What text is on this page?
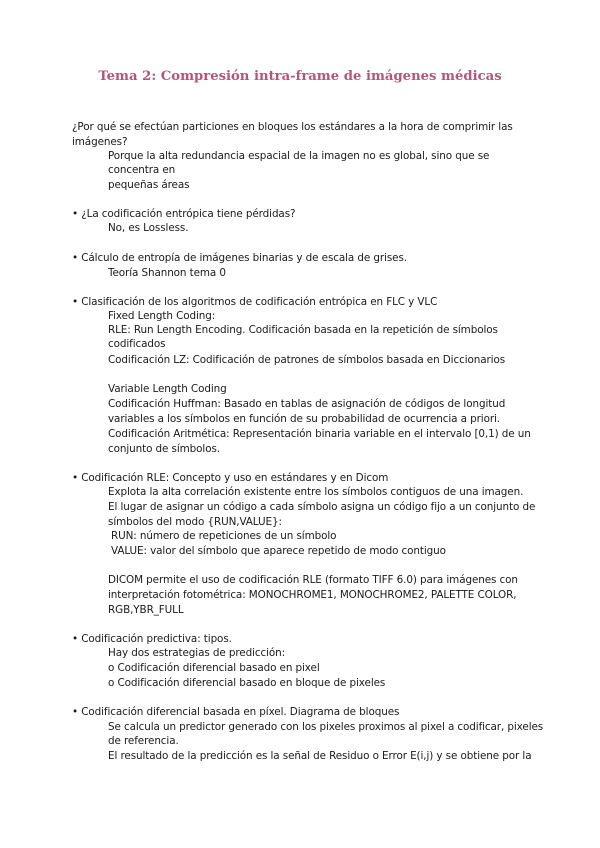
Tema 2: Compresión intra-frame de imágenes médicas
¿Por qué se efectúan particiones en bloques los estándares a la hora de comprimir las
imágenes?
Porque la alta redundancia espacial de la imagen no es global, sino que se
concentra en
pequeñas áreas
• ¿La codificación entrópica tiene pérdidas?
No, es Lossless.
• Cálculo de entropía de imágenes binarias y de escala de grises.
Teoría Shannon tema 0
• Clasificación de los algoritmos de codificación entrópica en FLC y VLC
Fixed Length Coding:
RLE: Run Length Encoding. Codificación basada en la repetición de símbolos
codificados
Codificación LZ: Codificación de patrones de símbolos basada en Diccionarios
Variable Length Coding
Codificación Huffman: Basado en tablas de asignación de códigos de longitud
variables a los símbolos en función de su probabilidad de ocurrencia a priori.
Codificación Aritmética: Representación binaria variable en el intervalo [0,1) de un
conjunto de símbolos.
• Codificación RLE: Concepto y uso en estándares y en Dicom
Explota la alta correlación existente entre los símbolos contiguos de una imagen.
El lugar de asignar un código a cada símbolo asigna un código fijo a un conjunto de
símbolos del modo {RUN,VALUE}:
RUN: número de repeticiones de un símbolo
VALUE: valor del símbolo que aparece repetido de modo contiguo
DICOM permite el uso de codificación RLE (formato TIFF 6.0) para imágenes con
interpretación fotométrica: MONOCHROME1, MONOCHROME2, PALETTE COLOR,
RGB,YBR_FULL
• Codificación predictiva: tipos.
Hay dos estrategias de predicción:
o Codificación diferencial basado en pixel
o Codificación diferencial basado en bloque de pixeles
• Codificación diferencial basada en píxel. Diagrama de bloques
Se calcula un predictor generado con los pixeles proximos al pixel a codificar, pixeles
de referencia.
El resultado de la predicción es la señal de Residuo o Error E(i,j) y se obtiene por la
